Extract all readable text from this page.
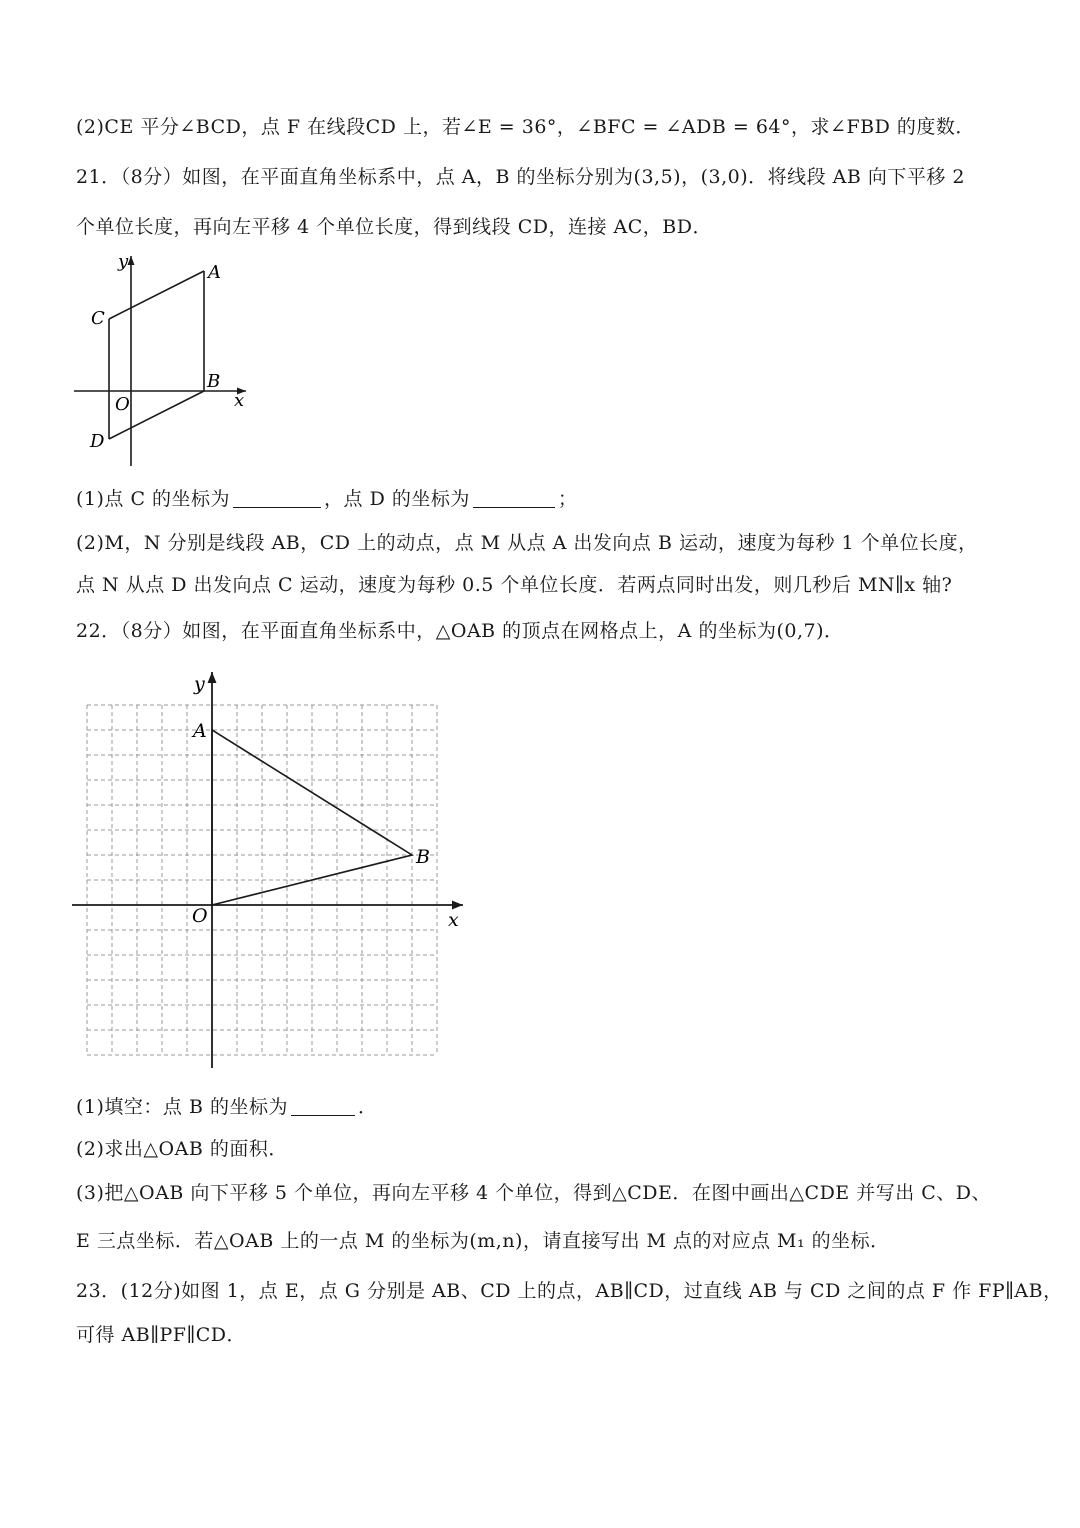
(2)CE 平分∠BCD，点 F 在线段CD 上，若∠E = 36°，∠BFC = ∠ADB = 64°，求∠FBD 的度数．
21．（8分）如图，在平面直角坐标系中，点 A，B 的坐标分别为(3,5)，(3,0)．将线段 AB 向下平移 2
个单位长度，再向左平移 4 个单位长度，得到线段 CD，连接 AC，BD．
y
A
C
B
O	x
D
(1)点 C 的坐标为	，点 D 的坐标为	；
(2)M，N 分别是线段 AB，CD 上的动点，点 M 从点 A 出发向点 B 运动，速度为每秒 1 个单位长度，
点 N 从点 D 出发向点 C 运动，速度为每秒 0.5 个单位长度．若两点同时出发，则几秒后 MN∥x 轴?
22．（8分）如图，在平面直角坐标系中，△OAB 的顶点在网格点上，A 的坐标为(0,7)．
y
A
B
O	x
(1)填空：点 B 的坐标为	．
(2)求出△OAB 的面积．
(3)把△OAB 向下平移 5 个单位，再向左平移 4 个单位，得到△CDE．在图中画出△CDE 并写出 C、D、
E 三点坐标．若△OAB 上的一点 M 的坐标为(m,n)，请直接写出 M 点的对应点 M₁ 的坐标．
23．(12分)如图 1，点 E，点 G 分别是 AB、CD 上的点，AB∥CD，过直线 AB 与 CD 之间的点 F 作 FP∥AB，
可得 AB∥PF∥CD．
